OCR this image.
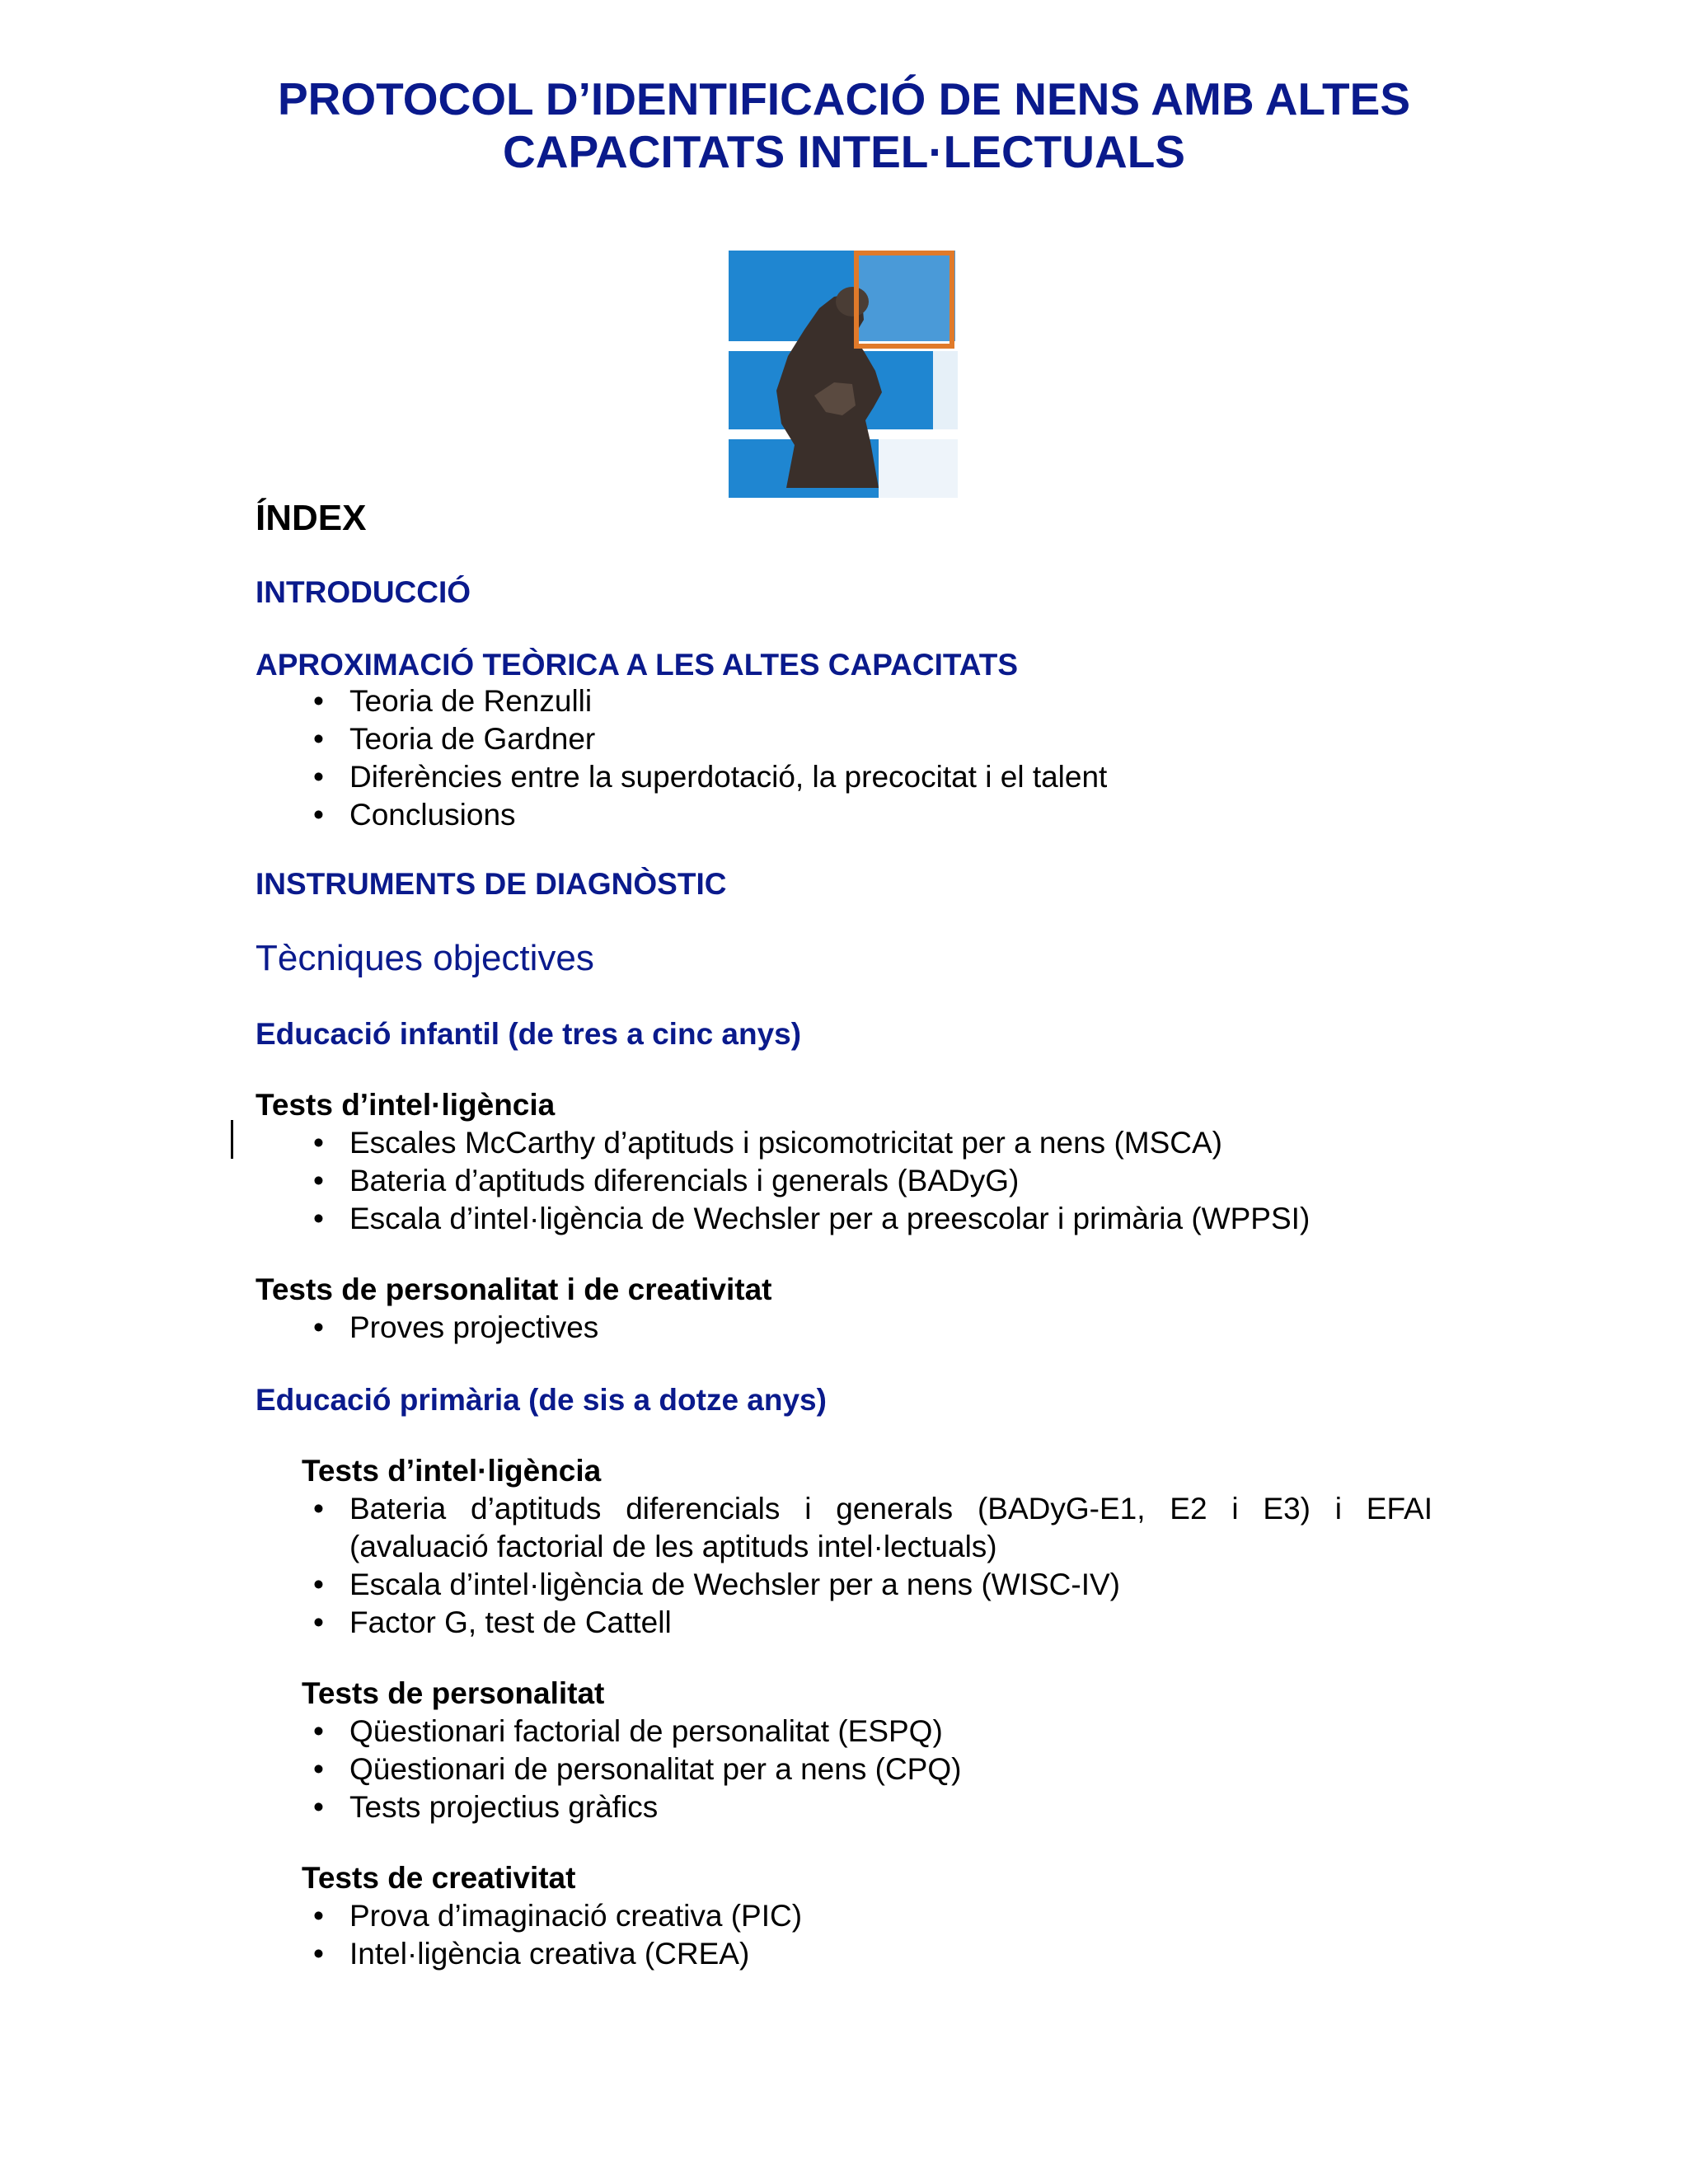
PROTOCOL D’IDENTIFICACIÓ DE NENS AMB ALTES
CAPACITATS INTEL·LECTUALS
ÍNDEX
INTRODUCCIÓ
APROXIMACIÓ TEÒRICA A LES ALTES CAPACITATS
• Teoria de Renzulli
• Teoria de Gardner
• Diferències entre la superdotació, la precocitat i el talent
• Conclusions
INSTRUMENTS DE DIAGNÒSTIC
Tècniques objectives
Educació infantil (de tres a cinc anys)
Tests d’intel·ligència
• Escales McCarthy d’aptituds i psicomotricitat per a nens (MSCA)
• Bateria d’aptituds diferencials i generals (BADyG)
• Escala d’intel·ligència de Wechsler per a preescolar i primària (WPPSI)
Tests de personalitat i de creativitat
• Proves projectives
Educació primària (de sis a dotze anys)
Tests d’intel·ligència
• Bateria d’aptituds diferencials i generals (BADyG-E1, E2 i E3) i EFAI
(avaluació factorial de les aptituds intel·lectuals)
• Escala d’intel·ligència de Wechsler per a nens (WISC-IV)
• Factor G, test de Cattell
Tests de personalitat
• Qüestionari factorial de personalitat (ESPQ)
• Qüestionari de personalitat per a nens (CPQ)
• Tests projectius gràfics
Tests de creativitat
• Prova d’imaginació creativa (PIC)
• Intel·ligència creativa (CREA)
